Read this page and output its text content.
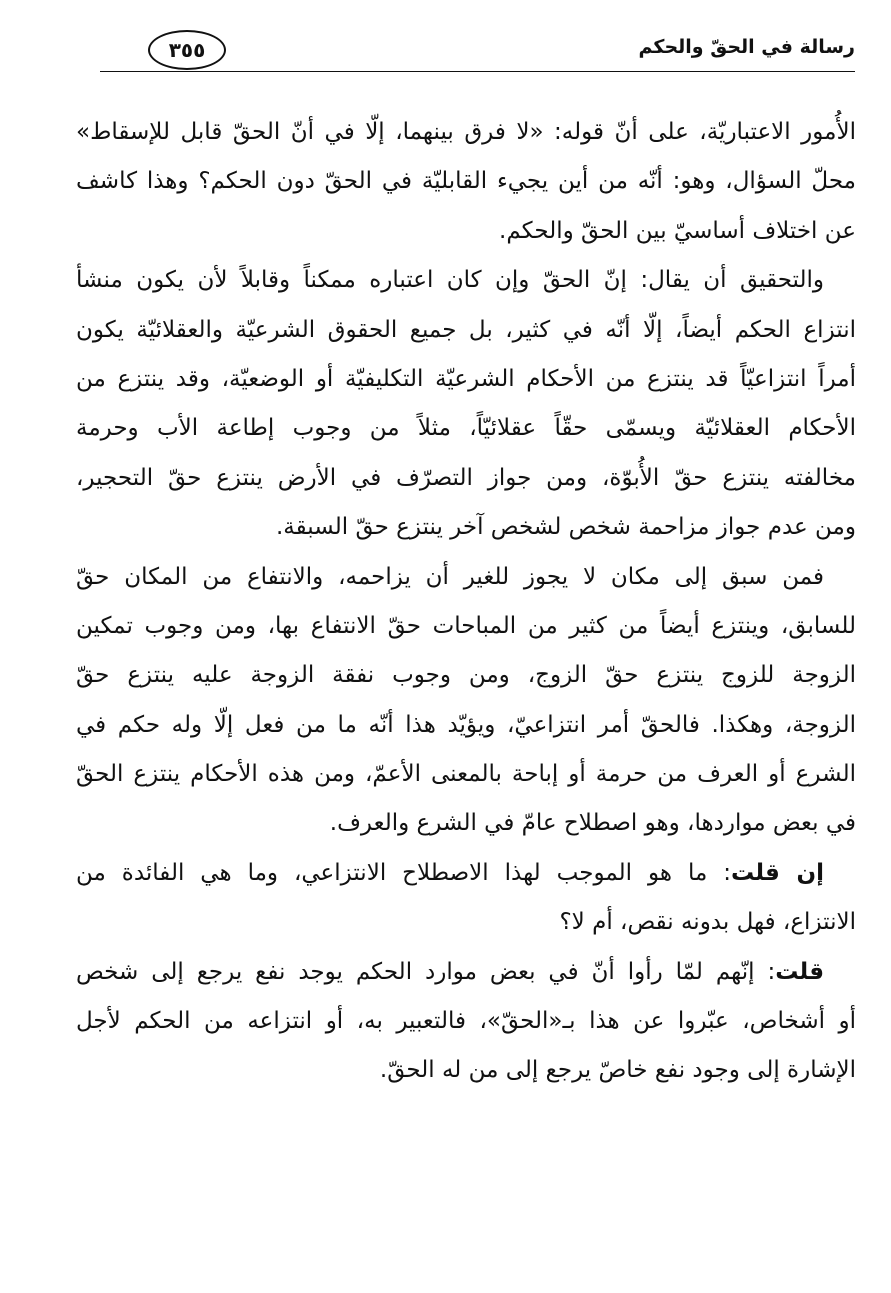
رسالة في الحقّ والحكم
٣٥٥
الأُمور الاعتباريّة، على أنّ قوله: «لا فرق بينهما، إلّا في أنّ الحقّ قابل للإسقاط»
محلّ السؤال، وهو: أنّه من أين يجيء القابليّة في الحقّ دون الحكم؟ وهذا كاشف
عن اختلاف أساسيّ بين الحقّ والحكم.
والتحقيق أن يقال: إنّ الحقّ وإن كان اعتباره ممكناً وقابلاً لأن يكون منشأ
انتزاع الحكم أيضاً، إلّا أنّه في كثير، بل جميع الحقوق الشرعيّة والعقلائيّة يكون
أمراً انتزاعيّاً قد ينتزع من الأحكام الشرعيّة التكليفيّة أو الوضعيّة، وقد ينتزع من
الأحكام العقلائيّة ويسمّى حقّاً عقلائيّاً، مثلاً من وجوب إطاعة الأب وحرمة
مخالفته ينتزع حقّ الأُبوّة، ومن جواز التصرّف في الأرض ينتزع حقّ التحجير،
ومن عدم جواز مزاحمة شخص لشخص آخر ينتزع حقّ السبقة.
فمن سبق إلى مكان لا يجوز للغير أن يزاحمه، والانتفاع من المكان حقّ
للسابق، وينتزع أيضاً من كثير من المباحات حقّ الانتفاع بها، ومن وجوب تمكين
الزوجة للزوج ينتزع حقّ الزوج، ومن وجوب نفقة الزوجة عليه ينتزع حقّ
الزوجة، وهكذا. فالحقّ أمر انتزاعيّ، ويؤيّد هذا أنّه ما من فعل إلّا وله حكم في
الشرع أو العرف من حرمة أو إباحة بالمعنى الأعمّ، ومن هذه الأحكام ينتزع الحقّ
في بعض مواردها، وهو اصطلاح عامّ في الشرع والعرف.
إن قلت: ما هو الموجب لهذا الاصطلاح الانتزاعي، وما هي الفائدة من
الانتزاع، فهل بدونه نقص، أم لا؟
قلت: إنّهم لمّا رأوا أنّ في بعض موارد الحكم يوجد نفع يرجع إلى شخص
أو أشخاص، عبّروا عن هذا بـ«الحقّ»، فالتعبير به، أو انتزاعه من الحكم لأجل
الإشارة إلى وجود نفع خاصّ يرجع إلى من له الحقّ.
